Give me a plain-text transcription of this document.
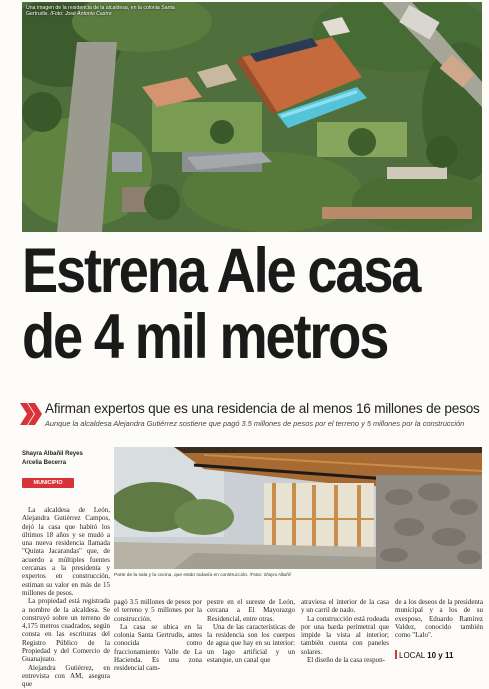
Una imagen de la residencia de la alcaldesa, en la colonia Santa Gertrudis. /Foto: José Antonio Castro
Estrena Ale casa
de 4 mil metros
Afirman expertos que es una residencia de al menos 16 millones de pesos
Aunque la alcaldesa Alejandra Gutiérrez sostiene que pagó 3.5 millones de pesos por el terreno y 5 millones por la construcción
Shayra Albañil Reyes
Arcelia Becerra
MUNICIPIO
Parte de la sala y la cocina, que están todavía en construcción. /Fotos: Shayra Albañil

La alcaldesa de León, Alejandra Gutiérrez Campos, dejó la casa que habitó los últimos 18 años y se mudó a una nueva residencia llamada "Quinta Jacarandas" que, de acuerdo a múltiples fuentes cercanas a la presidenta y expertos en construcción, estiman su valor en más de 15 millones de pesos.

La propiedad está registrada a nombre de la alcaldesa. Se construyó sobre un terreno de 4,175 metros cuadrados, según consta en las escrituras del Registro Público de la Propiedad y del Comercio de Guanajuato.

Alejandra Gutiérrez, en entrevista con AM, asegura que

pagó 3.5 millones de pesos por el terreno y 5 millones por la construcción.

La casa se ubica en la colonia Santa Gertrudis, antes conocida como fraccionamiento Valle de La Hacienda. Es una zona residencial cam-

pestre en el sureste de León, cercana a El Mayorazgo Residencial, entre otras.

Una de las características de la residencia son los cuerpos de agua que hay en su interior: un lago artificial y un estanque, un canal que

atraviesa el interior de la casa y un carril de nado.

La construcción está rodeada por una barda perimetral que impide la vista al interior; también cuenta con paneles solares.

El diseño de la casa respon-

de a los deseos de la presidenta municipal y a los de su exesposo, Eduardo Ramírez Valdez, conocido también como "Lalo".

LOCAL 10 y 11
